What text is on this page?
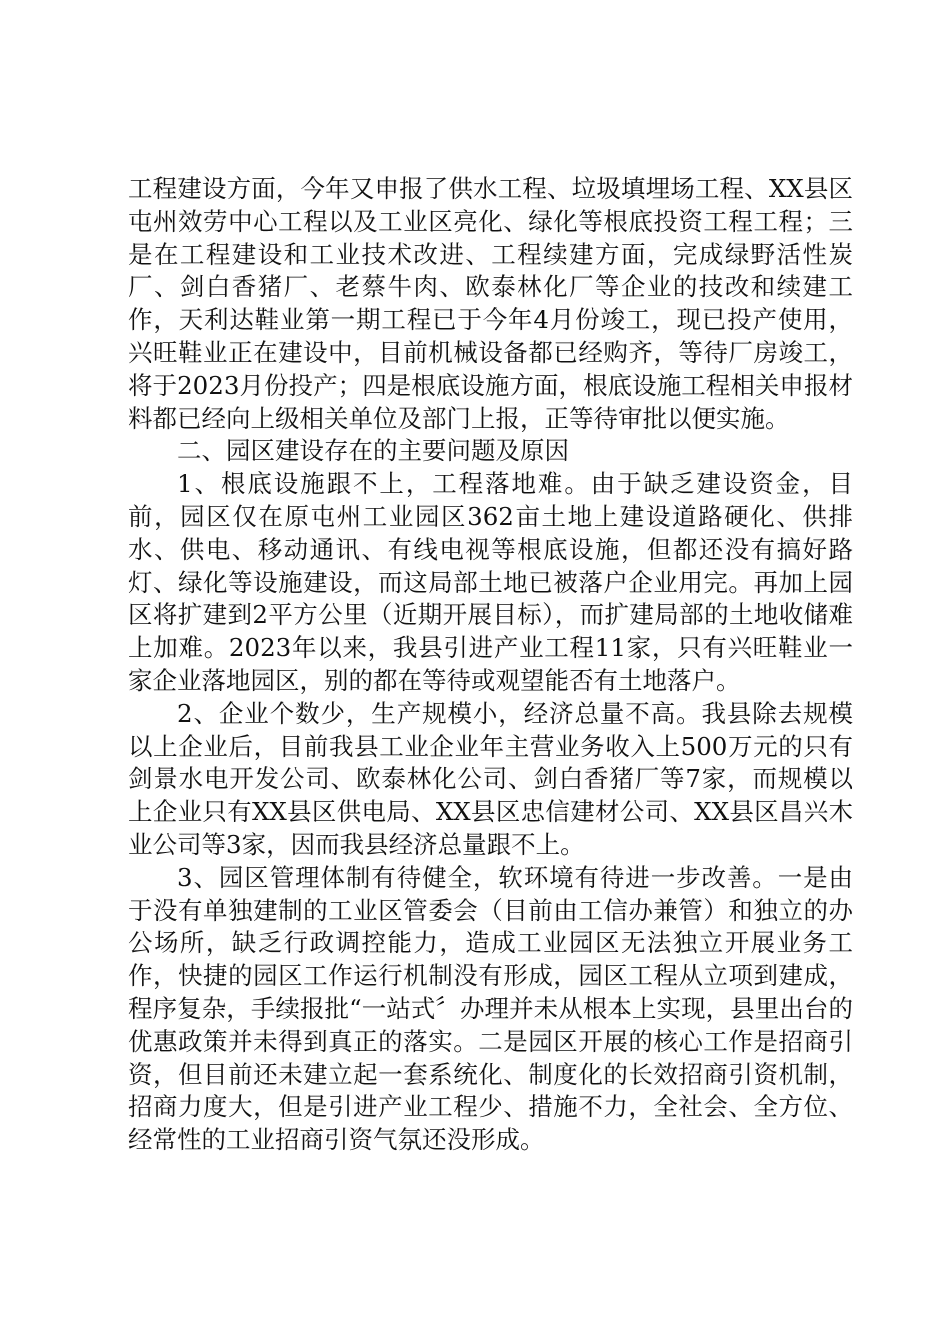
工程建设方面，今年又申报了供水工程、垃圾填埋场工程、XX县区屯州效劳中心工程以及工业区亮化、绿化等根底投资工程工程；三是在工程建设和工业技术改进、工程续建方面，完成绿野活性炭厂、剑白香猪厂、老蔡牛肉、欧泰林化厂等企业的技改和续建工作，天利达鞋业第一期工程已于今年4月份竣工，现已投产使用，兴旺鞋业正在建设中，目前机械设备都已经购齐，等待厂房竣工，将于2023月份投产；四是根底设施方面，根底设施工程相关申报材料都已经向上级相关单位及部门上报，正等待审批以便实施。

二、园区建设存在的主要问题及原因

1、根底设施跟不上，工程落地难。由于缺乏建设资金，目前，园区仅在原屯州工业园区362亩土地上建设道路硬化、供排水、供电、移动通讯、有线电视等根底设施，但都还没有搞好路灯、绿化等设施建设，而这局部土地已被落户企业用完。再加上园区将扩建到2平方公里（近期开展目标），而扩建局部的土地收储难上加难。2023年以来，我县引进产业工程11家，只有兴旺鞋业一家企业落地园区，别的都在等待或观望能否有土地落户。

2、企业个数少，生产规模小，经济总量不高。我县除去规模以上企业后，目前我县工业企业年主营业务收入上500万元的只有剑景水电开发公司、欧泰林化公司、剑白香猪厂等7家，而规模以上企业只有XX县区供电局、XX县区忠信建材公司、XX县区昌兴木业公司等3家，因而我县经济总量跟不上。

3、园区管理体制有待健全，软环境有待进一步改善。一是由于没有单独建制的工业区管委会（目前由工信办兼管）和独立的办公场所，缺乏行政调控能力，造成工业园区无法独立开展业务工作，快捷的园区工作运行机制没有形成，园区工程从立项到建成，程序复杂，手续报批“一站式〞办理并未从根本上实现，县里出台的优惠政策并未得到真正的落实。二是园区开展的核心工作是招商引资，但目前还未建立起一套系统化、制度化的长效招商引资机制，招商力度大，但是引进产业工程少、措施不力，全社会、全方位、经常性的工业招商引资气氛还没形成。
